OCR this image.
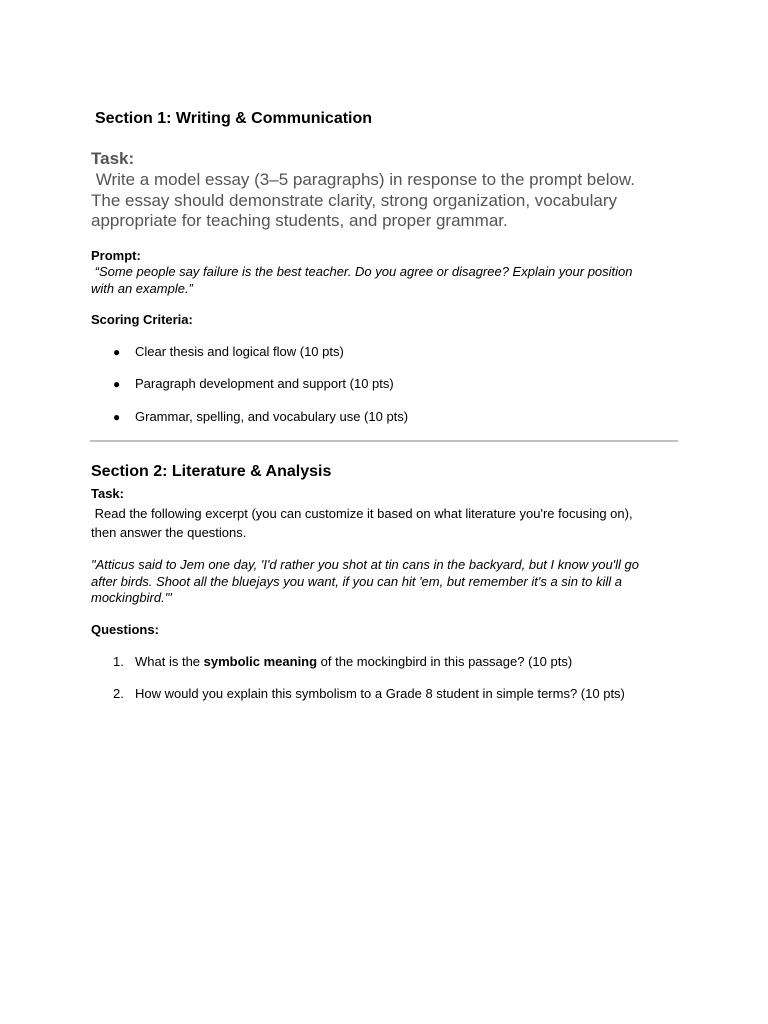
Section 1: Writing & Communication
Task:
Write a model essay (3–5 paragraphs) in response to the prompt below.
The essay should demonstrate clarity, strong organization, vocabulary
appropriate for teaching students, and proper grammar.
Prompt:
“Some people say failure is the best teacher. Do you agree or disagree? Explain your position
with an example.”
Scoring Criteria:
● Clear thesis and logical flow (10 pts)
● Paragraph development and support (10 pts)
● Grammar, spelling, and vocabulary use (10 pts)
Section 2: Literature & Analysis
Task:
Read the following excerpt (you can customize it based on what literature you're focusing on),
then answer the questions.
"Atticus said to Jem one day, 'I'd rather you shot at tin cans in the backyard, but I know you'll go
after birds. Shoot all the bluejays you want, if you can hit 'em, but remember it's a sin to kill a
mockingbird.'"
Questions:
1. What is the symbolic meaning of the mockingbird in this passage? (10 pts)
2. How would you explain this symbolism to a Grade 8 student in simple terms? (10 pts)
